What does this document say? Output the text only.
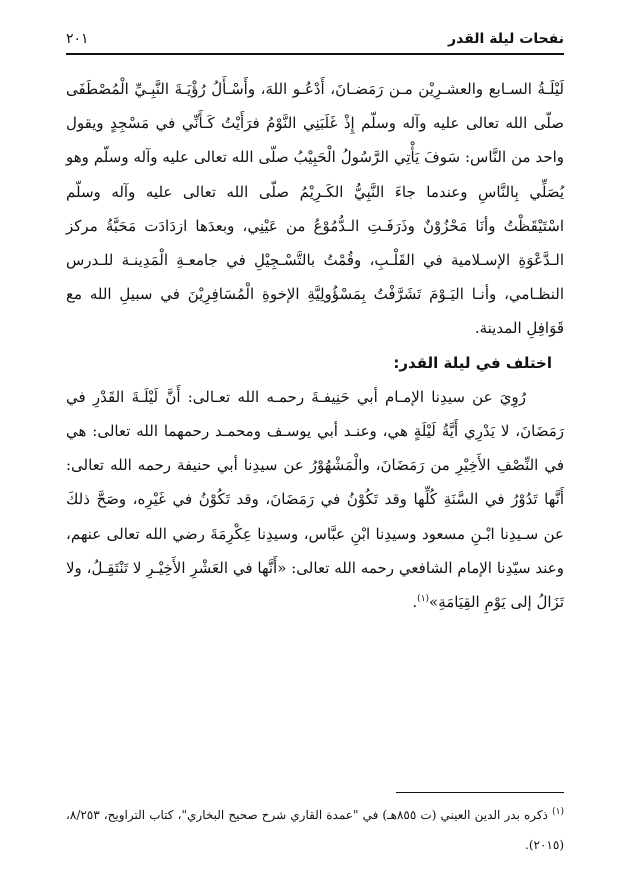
نفحات ليلة القدر
٢٠١

لَيْلَـةُ السـابع والعشـرِيْن مـن رَمَضـانَ، أَدْعُـو اللهَ، وأَسْـأَلُ رُؤْيَـةَ النَّبِـيِّ الْمُصْطَفَى صلّى الله تعالى عليه وآله وسلّم إِذْ غَلَبَنِي النَّوْمُ فرَأَيْتُ كَـأَنِّي في مَسْجِدٍ ويقول واحد من النَّاس: سَوفَ يَأْتِي الرَّسُولُ الْحَبِيْبُ صلّى الله تعالى عليه وآله وسلّم وهو يُصَلِّي بِالنَّاسِ وعندما جاءَ النَّبِيُّ الكَـرِيْمُ صلّى الله تعالى عليه وآله وسلّم اسْتَيْقَظْتُ وأنَا مَحْزُوْنٌ وذَرَفَـتِ الـدُّمُوْعُ من عَيْنِي، وبعدَها ازدَادَت مَحَبَّةُ مركز الـدَّعْوَةِ الإسـلامية في القَلْـبِ، وقُمْتُ بالتَّسْـجِيْلِ في جامعـةِ الْمَدِينـة للـدرس النظـامي، وأنـا اليَـوْمَ تَشَرَّفْتُ بِمَسْؤُولِيَّةِ الإخوةِ الْمُسَافِرِيْنَ في سبيلِ الله مع قَوَافِلِ المدينة.

اختلف في ليلة القدر:

رُوِيَ عن سيدِنا الإمـام أبي حَنِيفـةَ رحمـه الله تعـالى: أَنَّ لَيْلَـةَ القَدْرِ في رَمَضَانَ، لا يَدْرِي أَيَّةُ لَيْلَةٍ هي، وعنـد أبي يوسـف ومحمـد رحمهما الله تعالى: هي في النِّصْفِ الأَخِيْرِ من رَمَضَانَ، والْمَشْهُوْرُ عن سيدِنا أبي حنيفة رحمه الله تعالى: أَنَّها تَدُوْرُ في السَّنَةِ كُلِّها وقد تَكُوْنُ في رَمَضَانَ، وقد تَكُوْنُ في غَيْرِه، وصَحَّ ذلكَ عن سـيدِنا ابْـنِ مسعود وسيدِنا ابْنِ عبَّاس، وسيدِنا عِكْرِمَةَ رضي الله تعالى عنهم، وعند سيّدِنا الإمام الشافعي رحمه الله تعالى: «أَنَّها في العَشْرِ الأَخِيْـرِ لا تَنْتَقِـلُ، ولا تَزَالُ إلى يَوْمِ القِيَامَةِ»$^{(١)}$.

$^{(١)}$ ذكره بدر الدين العيني (ت ٨٥٥هـ) في "عمدة القاري شرح صحيح البخاري"، كتاب التراويح، ٨/٢٥٣، (٢٠١٥).
